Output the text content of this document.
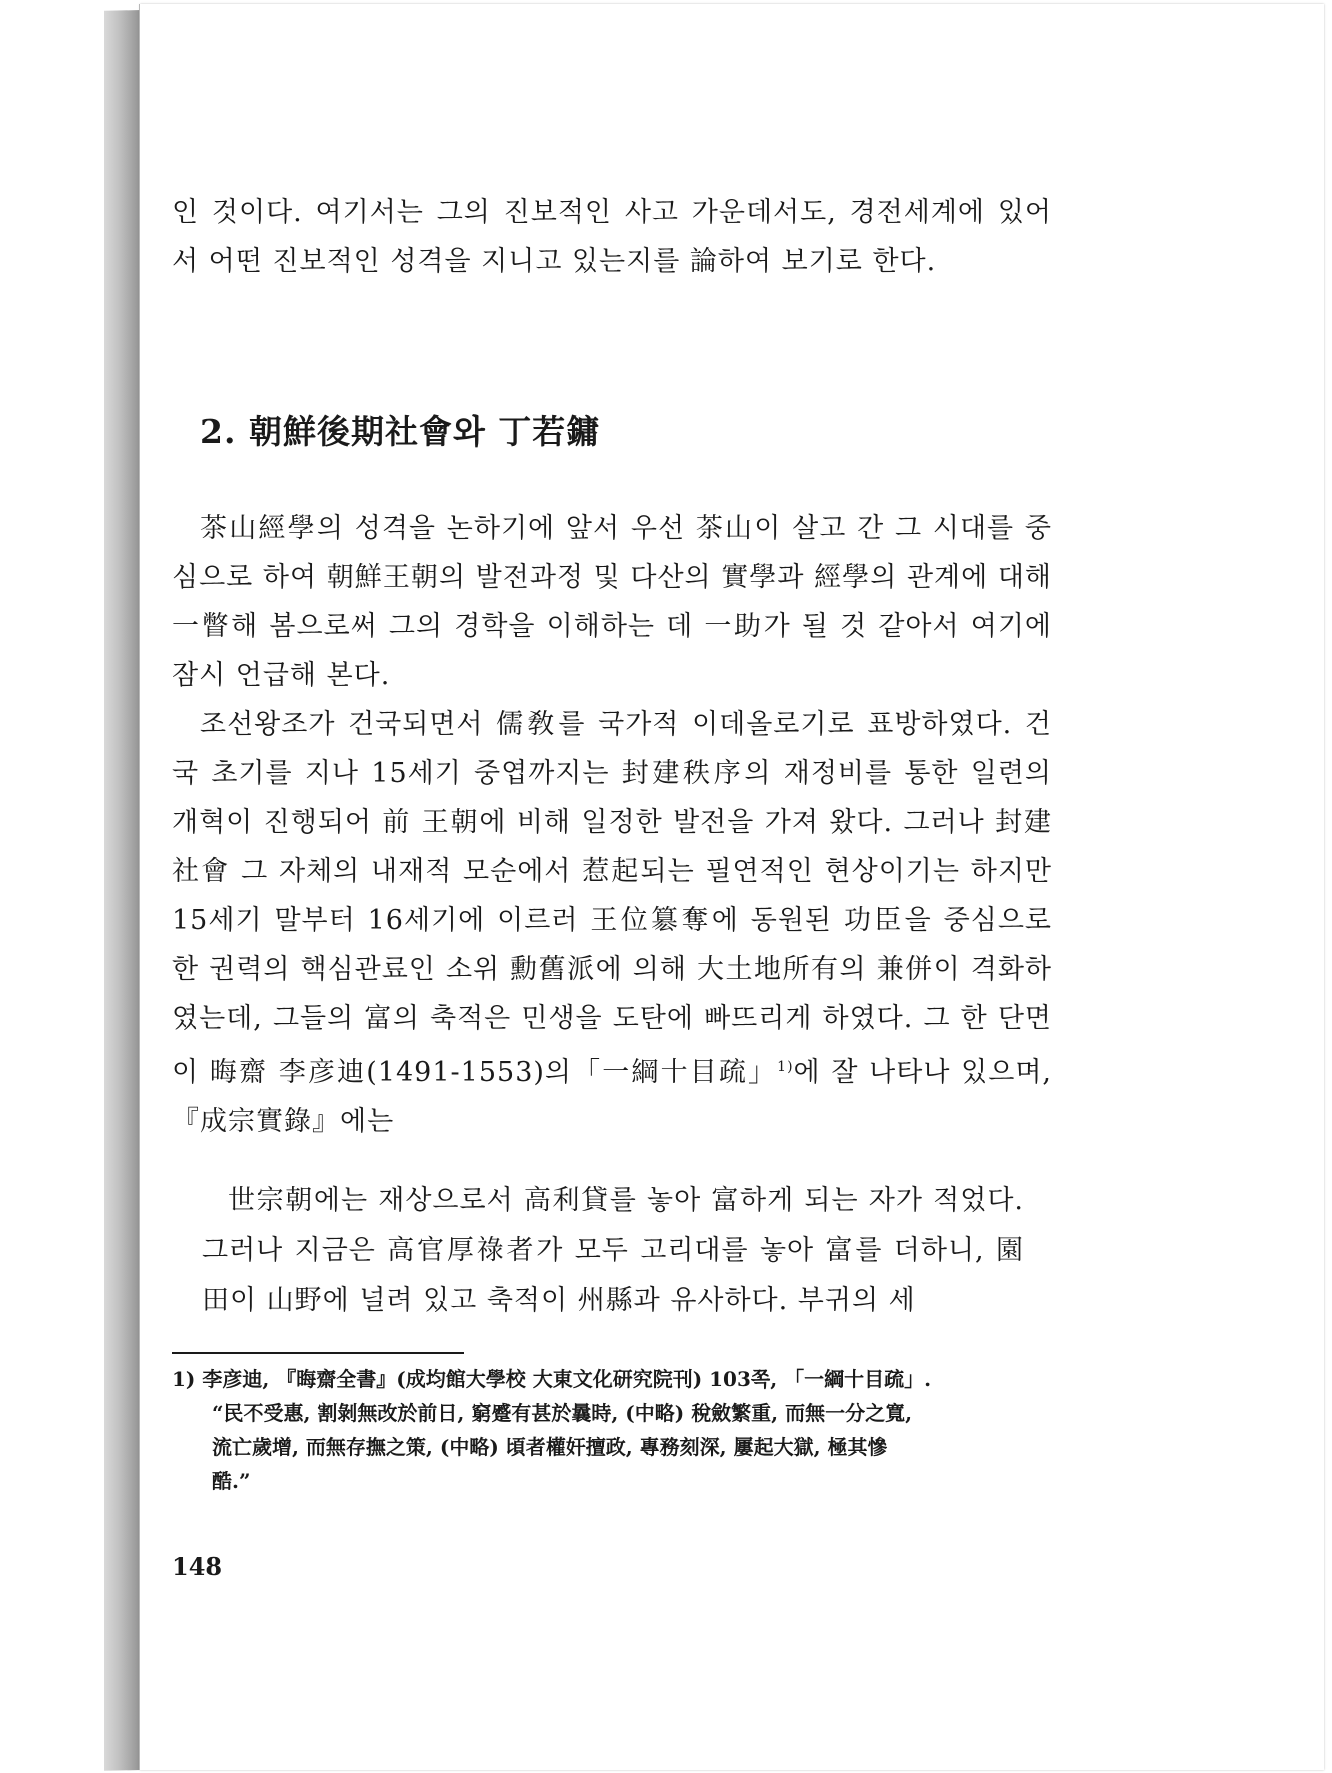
인 것이다. 여기서는 그의 진보적인 사고 가운데서도, 경전세계에 있어서 어떤 진보적인 성격을 지니고 있는지를 論하여 보기로 한다.

2. 朝鮮後期社會와 丁若鏞

茶山經學의 성격을 논하기에 앞서 우선 茶山이 살고 간 그 시대를 중심으로 하여 朝鮮王朝의 발전과정 및 다산의 實學과 經學의 관계에 대해 一瞥해 봄으로써 그의 경학을 이해하는 데 一助가 될 것 같아서 여기에 잠시 언급해 본다.

조선왕조가 건국되면서 儒敎를 국가적 이데올로기로 표방하였다. 건국 초기를 지나 15세기 중엽까지는 封建秩序의 재정비를 통한 일련의 개혁이 진행되어 前 王朝에 비해 일정한 발전을 가져 왔다. 그러나 封建社會 그 자체의 내재적 모순에서 惹起되는 필연적인 현상이기는 하지만 15세기 말부터 16세기에 이르러 王位簒奪에 동원된 功臣을 중심으로 한 권력의 핵심관료인 소위 勳舊派에 의해 大土地所有의 兼併이 격화하였는데, 그들의 富의 축적은 민생을 도탄에 빠뜨리게 하였다. 그 한 단면이 晦齋 李彦迪(1491-1553)의「一綱十目疏」$^{1)}$에 잘 나타나 있으며, 『成宗實錄』에는

世宗朝에는 재상으로서 高利貸를 놓아 富하게 되는 자가 적었다. 그러나 지금은 高官厚祿者가 모두 고리대를 놓아 富를 더하니, 園田이 山野에 널려 있고 축적이 州縣과 유사하다. 부귀의 세

1) 李彦迪, 『晦齋全書』(成均館大學校 大東文化研究院刊) 103쪽, 「一綱十目疏」.
“民不受惠, 割剝無改於前日, 窮蹙有甚於曩時, (中略) 稅斂繁重, 而無一分之寬,
流亡歲增, 而無存撫之策, (中略) 頃者權奸擅政, 專務刻深, 屢起大獄, 極其慘
酷.”
148
